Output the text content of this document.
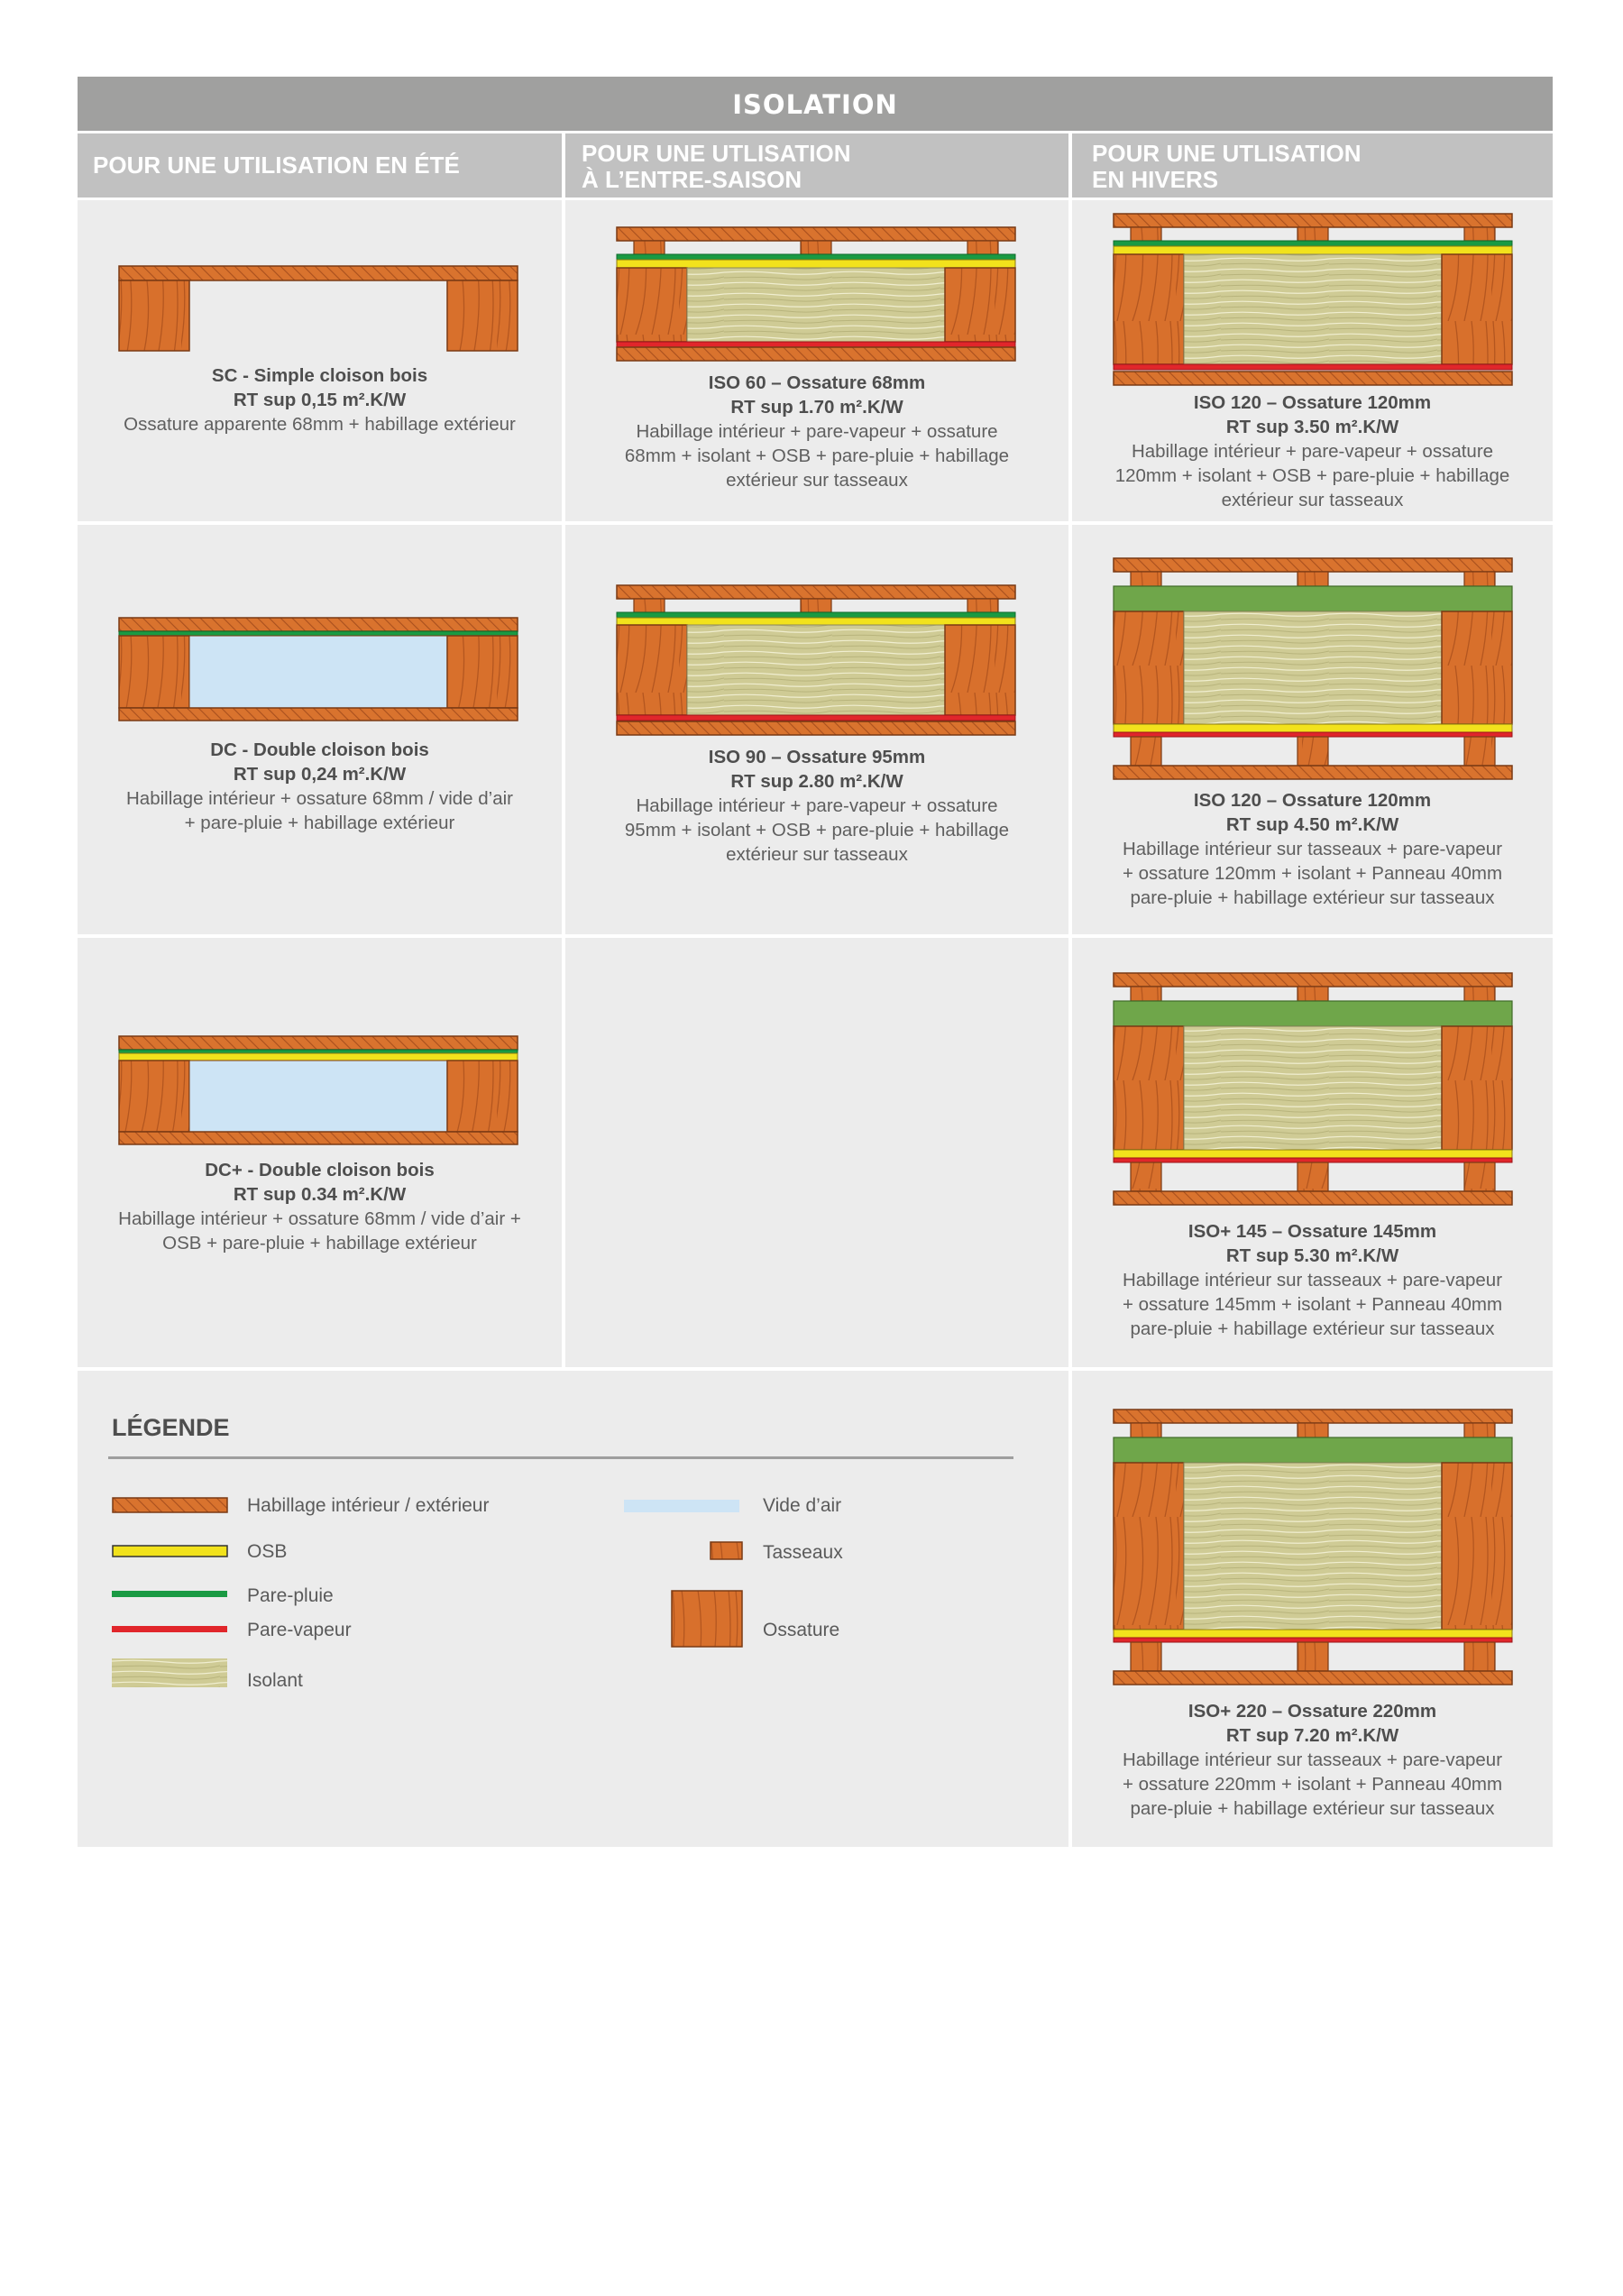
ISOLATION
POUR UNE UTILISATION EN ÉTÉ	POUR UNE UTLISATION
À L’ENTRE-SAISON
POUR UNE UTLISATION
EN HIVERS
SC - Simple cloison bois
RT sup 0,15 m².K/W
Ossature apparente 68mm + habillage extérieur
ISO 60 – Ossature 68mm
RT sup 1.70 m².K/W
Habillage intérieur + pare-vapeur + ossature
68mm + isolant + OSB + pare-pluie + habillage
extérieur sur tasseaux
ISO 120 – Ossature 120mm
RT sup 3.50 m².K/W
Habillage intérieur + pare-vapeur + ossature
120mm + isolant + OSB + pare-pluie + habillage
extérieur sur tasseaux
DC - Double cloison bois
RT sup 0,24 m².K/W
Habillage intérieur + ossature 68mm / vide d’air
+ pare-pluie + habillage extérieur
ISO 90 – Ossature 95mm
RT sup 2.80 m².K/W
Habillage intérieur + pare-vapeur + ossature
95mm + isolant + OSB + pare-pluie + habillage
extérieur sur tasseaux
ISO 120 – Ossature 120mm
RT sup 4.50 m².K/W
Habillage intérieur sur tasseaux + pare-vapeur
+ ossature 120mm + isolant + Panneau 40mm
pare-pluie + habillage extérieur sur tasseaux
DC+ - Double cloison bois
RT sup 0.34 m².K/W
Habillage intérieur + ossature 68mm / vide d’air +
OSB + pare-pluie + habillage extérieur
ISO+ 145 – Ossature 145mm
RT sup 5.30 m².K/W
Habillage intérieur sur tasseaux + pare-vapeur
+ ossature 145mm + isolant + Panneau 40mm
pare-pluie + habillage extérieur sur tasseaux
LÉGENDE
Habillage intérieur / extérieur
OSB
Pare-pluie
Pare-vapeur
Isolant
Vide d’air
Tasseaux
Ossature
ISO+ 220 – Ossature 220mm
RT sup 7.20 m².K/W
Habillage intérieur sur tasseaux + pare-vapeur
+ ossature 220mm + isolant + Panneau 40mm
pare-pluie + habillage extérieur sur tasseaux
